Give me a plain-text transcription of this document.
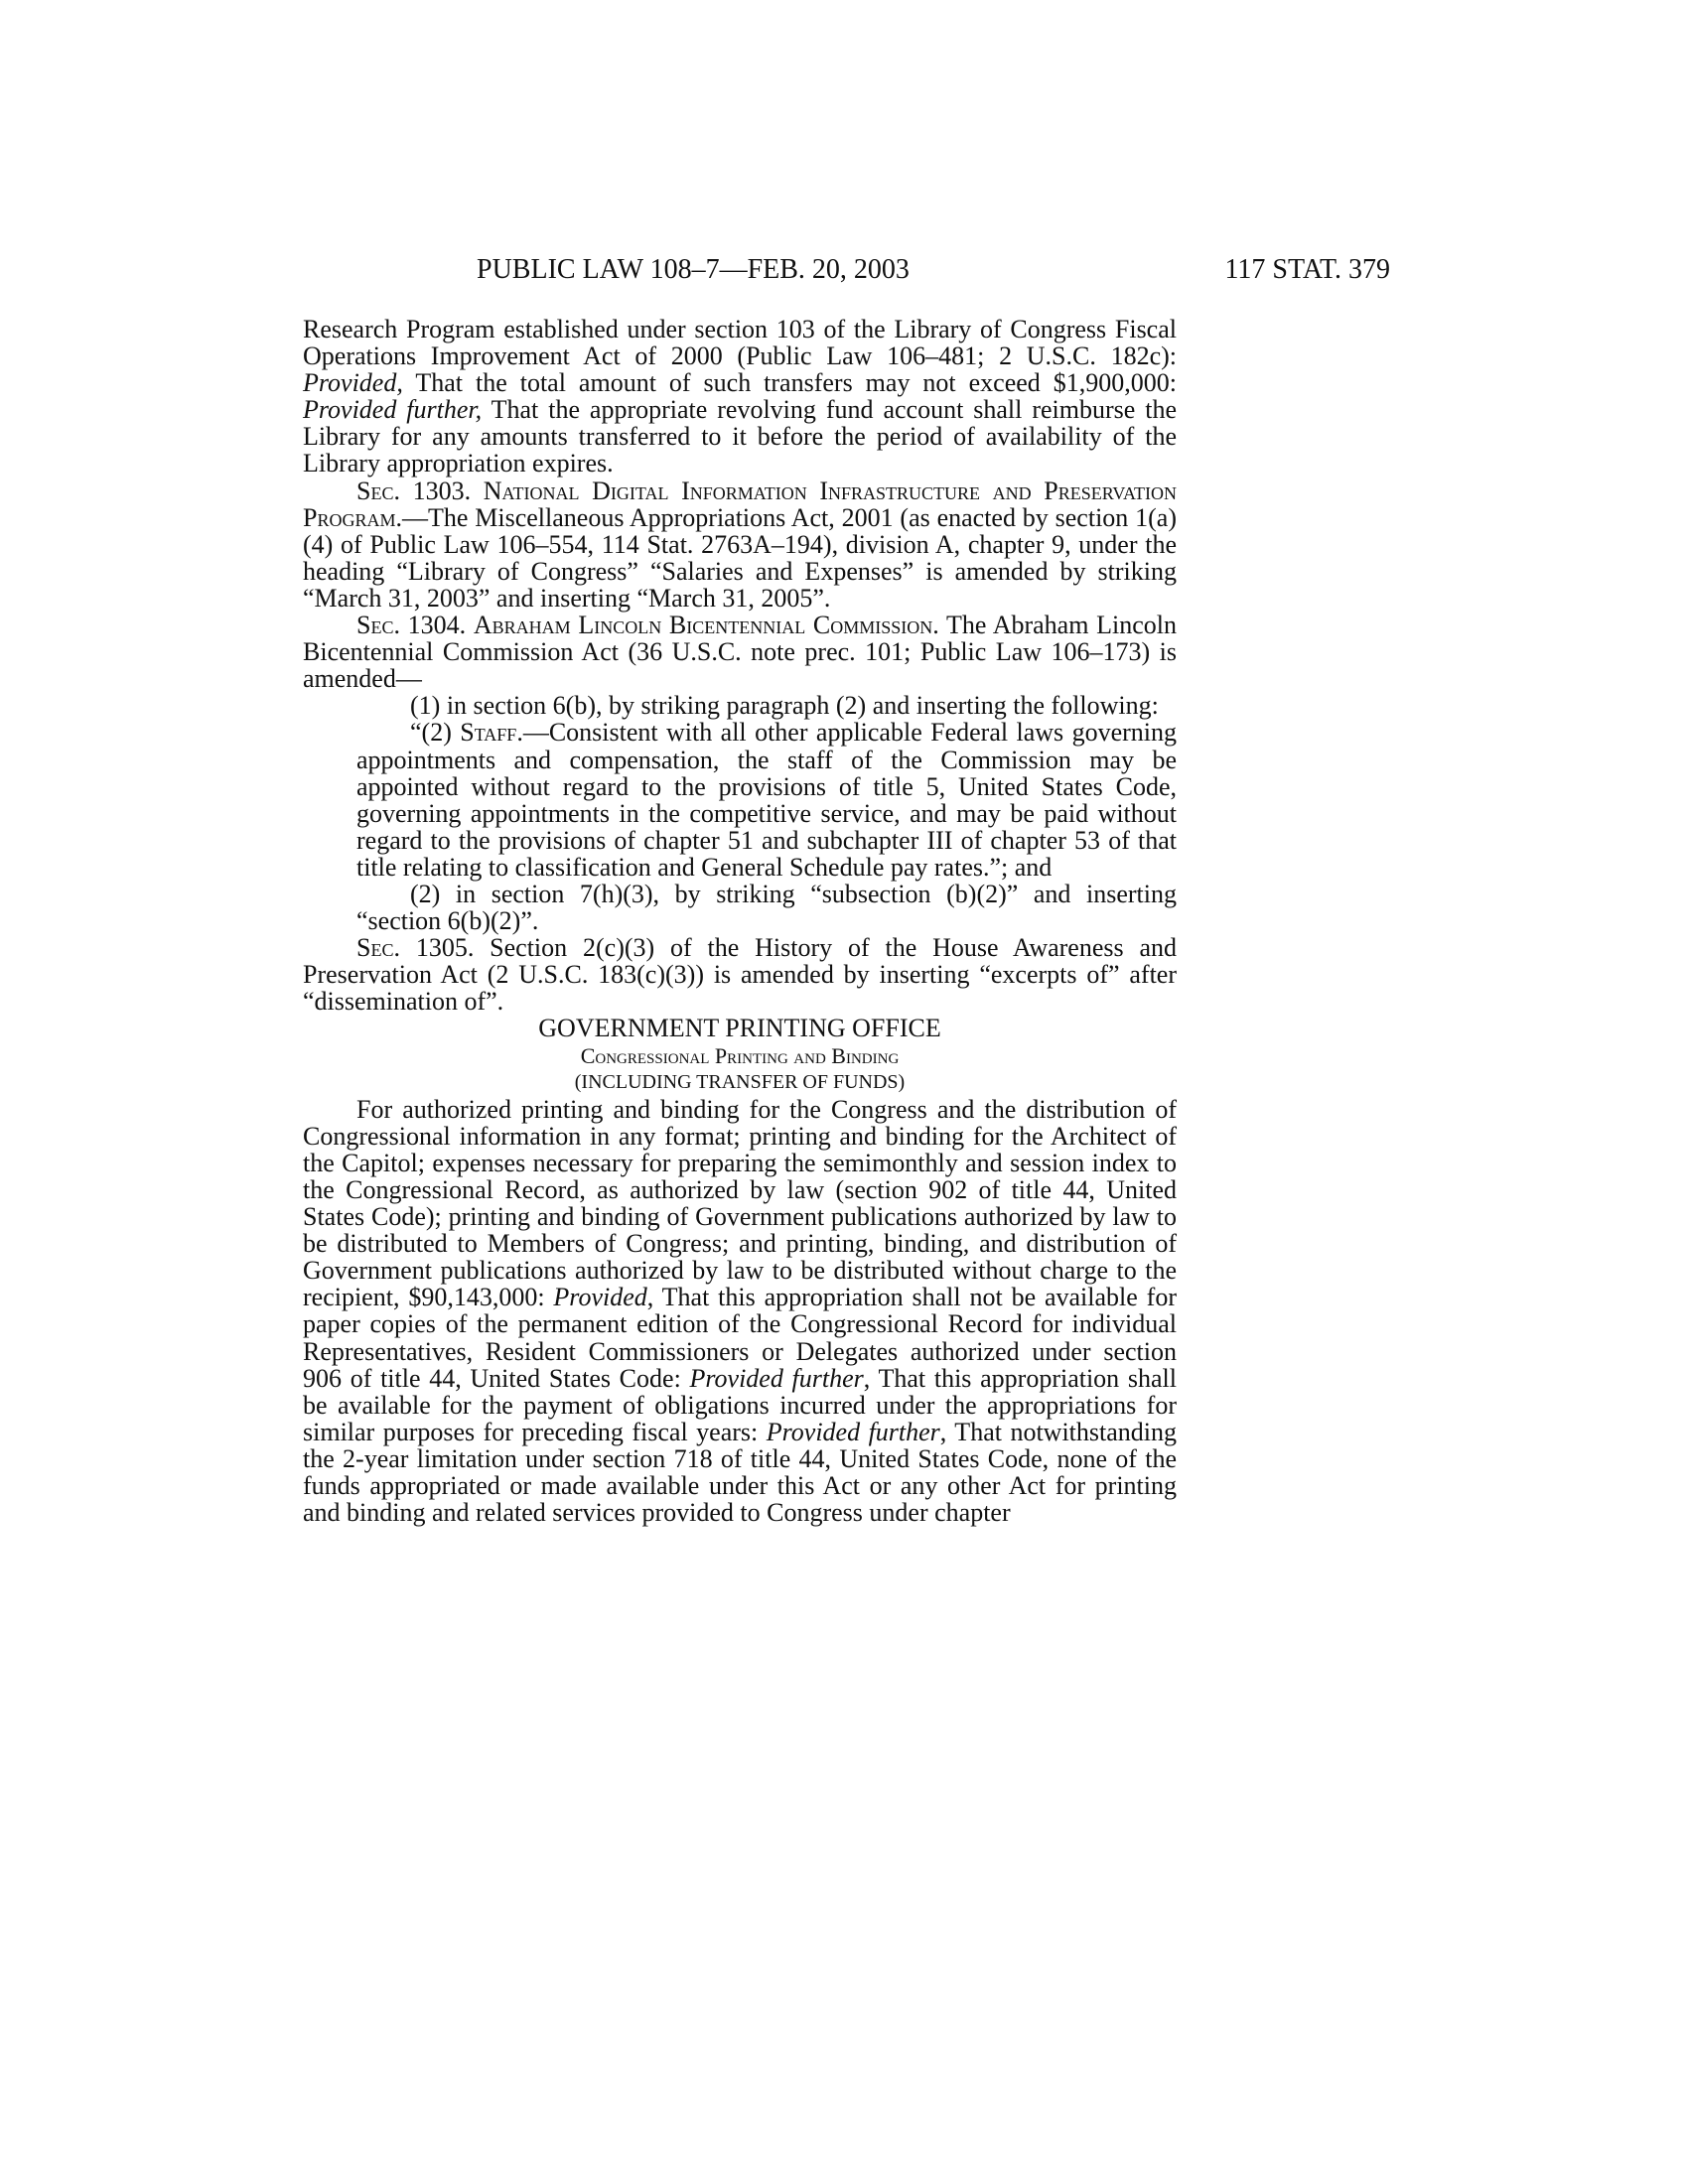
PUBLIC LAW 108–7—FEB. 20, 2003	117 STAT. 379

Research Program established under section 103 of the Library of Congress Fiscal Operations Improvement Act of 2000 (Public Law 106–481; 2 U.S.C. 182c): Provided, That the total amount of such transfers may not exceed $1,900,000: Provided further, That the appropriate revolving fund account shall reimburse the Library for any amounts transferred to it before the period of availability of the Library appropriation expires.

Sec. 1303. National Digital Information Infrastructure and Preservation Program.—The Miscellaneous Appropriations Act, 2001 (as enacted by section 1(a)(4) of Public Law 106–554, 114 Stat. 2763A–194), division A, chapter 9, under the heading “Library of Congress” “Salaries and Expenses” is amended by striking “March 31, 2003” and inserting “March 31, 2005”.

Sec. 1304. Abraham Lincoln Bicentennial Commission. The Abraham Lincoln Bicentennial Commission Act (36 U.S.C. note prec. 101; Public Law 106–173) is amended—

(1) in section 6(b), by striking paragraph (2) and inserting the following:

“(2) Staff.—Consistent with all other applicable Federal laws governing appointments and compensation, the staff of the Commission may be appointed without regard to the provisions of title 5, United States Code, governing appointments in the competitive service, and may be paid without regard to the provisions of chapter 51 and subchapter III of chapter 53 of that title relating to classification and General Schedule pay rates.”; and

(2) in section 7(h)(3), by striking “subsection (b)(2)” and inserting “section 6(b)(2)”.

Sec. 1305. Section 2(c)(3) of the History of the House Awareness and Preservation Act (2 U.S.C. 183(c)(3)) is amended by inserting “excerpts of” after “dissemination of”.

GOVERNMENT PRINTING OFFICE

Congressional Printing and Binding

(INCLUDING TRANSFER OF FUNDS)

For authorized printing and binding for the Congress and the distribution of Congressional information in any format; printing and binding for the Architect of the Capitol; expenses necessary for preparing the semimonthly and session index to the Congressional Record, as authorized by law (section 902 of title 44, United States Code); printing and binding of Government publications authorized by law to be distributed to Members of Congress; and printing, binding, and distribution of Government publications authorized by law to be distributed without charge to the recipient, $90,143,000: Provided, That this appropriation shall not be available for paper copies of the permanent edition of the Congressional Record for individual Representatives, Resident Commissioners or Delegates authorized under section 906 of title 44, United States Code: Provided further, That this appropriation shall be available for the payment of obligations incurred under the appropriations for similar purposes for preceding fiscal years: Provided further, That notwithstanding the 2-year limitation under section 718 of title 44, United States Code, none of the funds appropriated or made available under this Act or any other Act for printing and binding and related services provided to Congress under chapter
